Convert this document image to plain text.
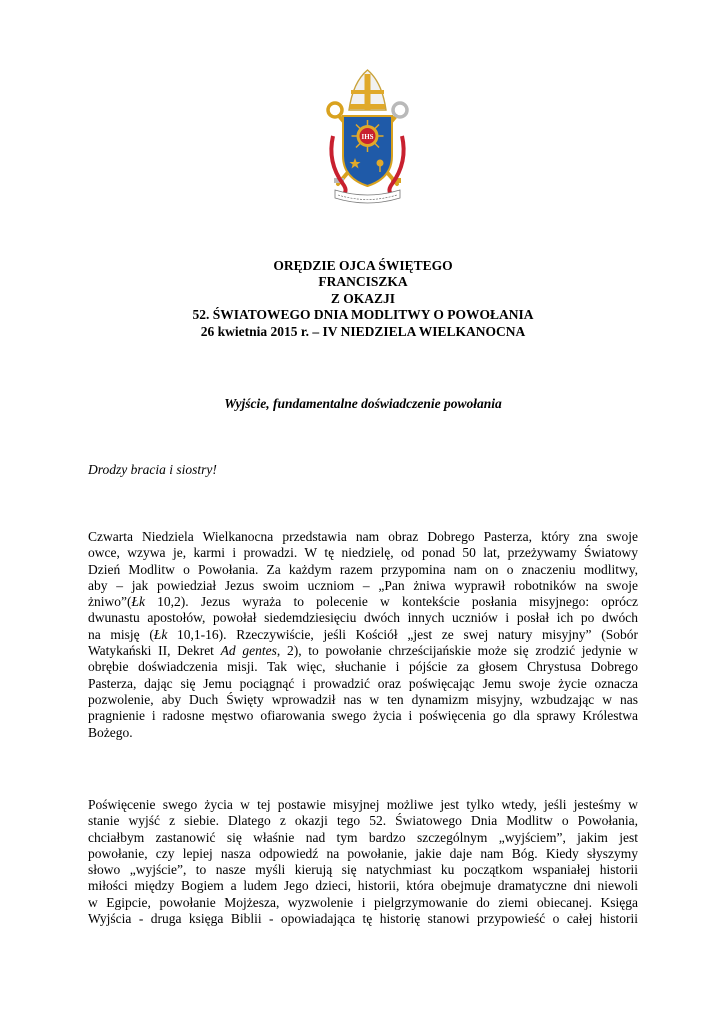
IHS
ORĘDZIE OJCA ŚWIĘTEGO
FRANCISZKA
Z OKAZJI
52. ŚWIATOWEGO DNIA MODLITWY O POWOŁANIA
26 kwietnia 2015 r. – IV NIEDZIELA WIELKANOCNA
Wyjście, fundamentalne doświadczenie powołania
Drodzy bracia i siostry!
Czwarta Niedziela Wielkanocna przedstawia nam obraz Dobrego Pasterza, który zna swoje
owce, wzywa je, karmi i prowadzi. W tę niedzielę, od ponad 50 lat, przeżywamy Światowy
Dzień Modlitw o Powołania. Za każdym razem przypomina nam on o znaczeniu modlitwy,
aby – jak powiedział Jezus swoim uczniom – „Pan żniwa wyprawił robotników na swoje
żniwo”(Łk 10,2). Jezus wyraża to polecenie w kontekście posłania misyjnego: oprócz
dwunastu apostołów, powołał siedemdziesięciu dwóch innych uczniów i posłał ich po dwóch
na misję (Łk 10,1-16). Rzeczywiście, jeśli Kościół „jest ze swej natury misyjny” (Sobór
Watykański II, Dekret Ad gentes, 2), to powołanie chrześcijańskie może się zrodzić jedynie w
obrębie doświadczenia misji. Tak więc, słuchanie i pójście za głosem Chrystusa Dobrego
Pasterza, dając się Jemu pociągnąć i prowadzić oraz poświęcając Jemu swoje życie oznacza
pozwolenie, aby Duch Święty wprowadził nas w ten dynamizm misyjny, wzbudzając w nas
pragnienie i radosne męstwo ofiarowania swego życia i poświęcenia go dla sprawy Królestwa
Bożego.
Poświęcenie swego życia w tej postawie misyjnej możliwe jest tylko wtedy, jeśli jesteśmy w
stanie wyjść z siebie. Dlatego z okazji tego 52. Światowego Dnia Modlitw o Powołania,
chciałbym zastanowić się właśnie nad tym bardzo szczególnym „wyjściem”, jakim jest
powołanie, czy lepiej nasza odpowiedź na powołanie, jakie daje nam Bóg. Kiedy słyszymy
słowo „wyjście”, to nasze myśli kierują się natychmiast ku początkom wspaniałej historii
miłości między Bogiem a ludem Jego dzieci, historii, która obejmuje dramatyczne dni niewoli
w Egipcie, powołanie Mojżesza, wyzwolenie i pielgrzymowanie do ziemi obiecanej. Księga
Wyjścia - druga księga Biblii - opowiadająca tę historię stanowi przypowieść o całej historii
